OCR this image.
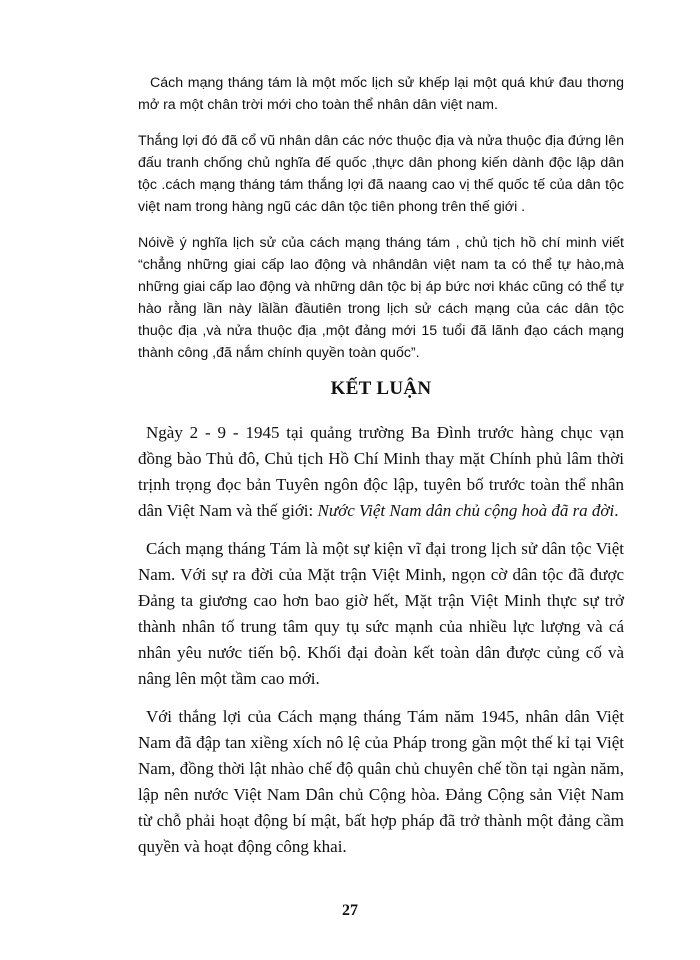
Cách mạng tháng tám là một mốc lịch sử khếp lại một quá khứ đau thơng mở ra một chân trời mới cho toàn thể nhân dân việt nam.

Thắng lợi đó đã cổ vũ nhân dân các nớc thuộc địa và nửa thuộc địa đứng lên đấu tranh chống chủ nghĩa đế quốc ,thực dân phong kiến dành độc lập dân tộc .cách mạng tháng tám thắng lợi đã naang cao vị thế quốc tế của dân tộc việt nam trong hàng ngũ các dân tộc tiên phong trên thế giới .

Nóivề ý nghĩa lịch sử của cách mạng tháng tám , chủ tịch hồ chí minh viết “chẳng những giai cấp lao động và nhândân việt nam ta có thể tự hào,mà những giai cấp lao động và những dân tộc bị áp bức nơi khác cũng có thể tự hào rằng lần này lầlần đầutiên trong lịch sử cách mạng của các dân tộc thuộc địa ,và nửa thuộc địa ,một đảng mới 15 tuổi đã lãnh đạo cách mạng thành công ,đã nắm chính quyền toàn quốc”.

KẾT LUẬN

Ngày 2 - 9 - 1945 tại quảng trường Ba Đình trước hàng chục vạn đồng bào Thủ đô, Chủ tịch Hồ Chí Minh thay mặt Chính phủ lâm thời trịnh trọng đọc bản Tuyên ngôn độc lập, tuyên bố trước toàn thể nhân dân Việt Nam và thế giới: Nước Việt Nam dân chủ cộng hoà đã ra đời.

Cách mạng tháng Tám là một sự kiện vĩ đại trong lịch sử dân tộc Việt Nam. Với sự ra đời của Mặt trận Việt Minh, ngọn cờ dân tộc đã được Đảng ta giương cao hơn bao giờ hết, Mặt trận Việt Minh thực sự trở thành nhân tố trung tâm quy tụ sức mạnh của nhiều lực lượng và cá nhân yêu nước tiến bộ. Khối đại đoàn kết toàn dân được củng cố và nâng lên một tầm cao mới.

Với thắng lợi của Cách mạng tháng Tám năm 1945, nhân dân Việt Nam đã đập tan xiềng xích nô lệ của Pháp trong gần một thế kỉ tại Việt Nam, đồng thời lật nhào chế độ quân chủ chuyên chế tồn tại ngàn năm, lập nên nước Việt Nam Dân chủ Cộng hòa. Đảng Cộng sản Việt Nam từ chỗ phải hoạt động bí mật, bất hợp pháp đã trở thành một đảng cầm quyền và hoạt động công khai.

27
